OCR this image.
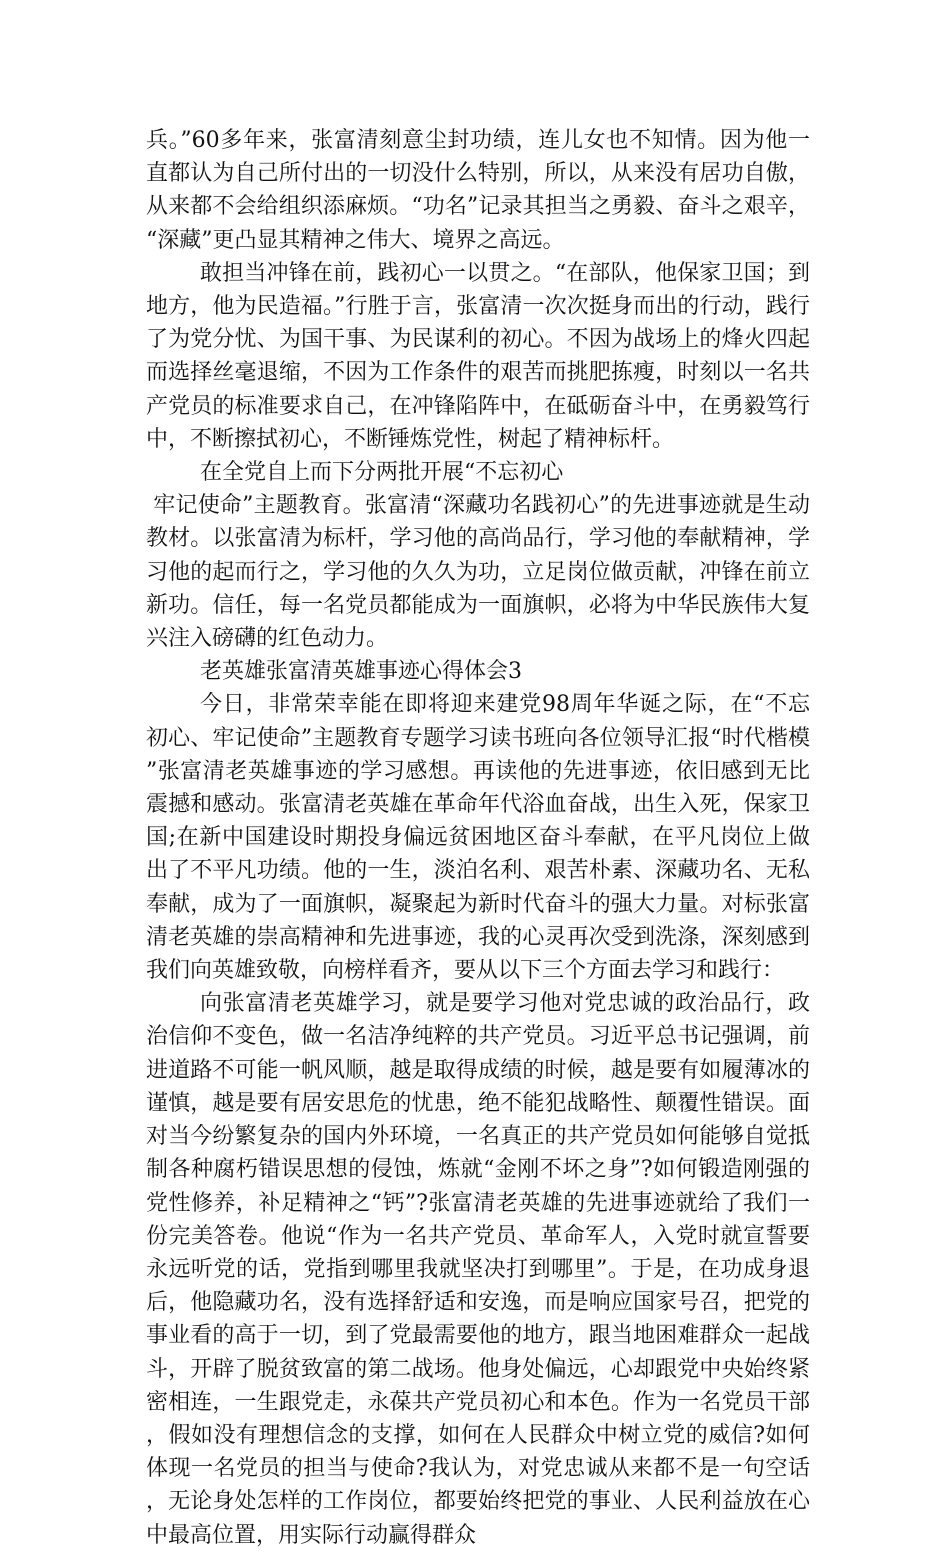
兵。”60多年来，张富清刻意尘封功绩，连儿女也不知情。因为他一直都认为自己所付出的一切没什么特别，所以，从来没有居功自傲，从来都不会给组织添麻烦。“功名”记录其担当之勇毅、奋斗之艰辛，“深藏”更凸显其精神之伟大、境界之高远。

敢担当冲锋在前，践初心一以贯之。“在部队，他保家卫国；到地方，他为民造福。”行胜于言，张富清一次次挺身而出的行动，践行了为党分忧、为国干事、为民谋利的初心。不因为战场上的烽火四起而选择丝毫退缩，不因为工作条件的艰苦而挑肥拣瘦，时刻以一名共产党员的标准要求自己，在冲锋陷阵中，在砥砺奋斗中，在勇毅笃行中，不断擦拭初心，不断锤炼党性，树起了精神标杆。

在全党自上而下分两批开展“不忘初心

牢记使命”主题教育。张富清“深藏功名践初心”的先进事迹就是生动教材。以张富清为标杆，学习他的高尚品行，学习他的奉献精神，学习他的起而行之，学习他的久久为功，立足岗位做贡献，冲锋在前立新功。信任，每一名党员都能成为一面旗帜，必将为中华民族伟大复兴注入磅礴的红色动力。

老英雄张富清英雄事迹心得体会3

今日，非常荣幸能在即将迎来建党98周年华诞之际，在“不忘初心、牢记使命”主题教育专题学习读书班向各位领导汇报“时代楷模”张富清老英雄事迹的学习感想。再读他的先进事迹，依旧感到无比震撼和感动。张富清老英雄在革命年代浴血奋战，出生入死，保家卫国;在新中国建设时期投身偏远贫困地区奋斗奉献，在平凡岗位上做出了不平凡功绩。他的一生，淡泊名利、艰苦朴素、深藏功名、无私奉献，成为了一面旗帜，凝聚起为新时代奋斗的强大力量。对标张富清老英雄的崇高精神和先进事迹，我的心灵再次受到洗涤，深刻感到我们向英雄致敬，向榜样看齐，要从以下三个方面去学习和践行：

向张富清老英雄学习，就是要学习他对党忠诚的政治品行，政治信仰不变色，做一名洁净纯粹的共产党员。习近平总书记强调，前进道路不可能一帆风顺，越是取得成绩的时候，越是要有如履薄冰的谨慎，越是要有居安思危的忧患，绝不能犯战略性、颠覆性错误。面对当今纷繁复杂的国内外环境，一名真正的共产党员如何能够自觉抵制各种腐朽错误思想的侵蚀，炼就“金刚不坏之身”?如何锻造刚强的党性修养，补足精神之“钙”?张富清老英雄的先进事迹就给了我们一份完美答卷。他说“作为一名共产党员、革命军人，入党时就宣誓要永远听党的话，党指到哪里我就坚决打到哪里”。于是，在功成身退后，他隐藏功名，没有选择舒适和安逸，而是响应国家号召，把党的事业看的高于一切，到了党最需要他的地方，跟当地困难群众一起战斗，开辟了脱贫致富的第二战场。他身处偏远，心却跟党中央始终紧密相连，一生跟党走，永葆共产党员初心和本色。作为一名党员干部，假如没有理想信念的支撑，如何在人民群众中树立党的威信?如何体现一名党员的担当与使命?我认为，对党忠诚从来都不是一句空话，无论身处怎样的工作岗位，都要始终把党的事业、人民利益放在心中最高位置，用实际行动赢得群众
